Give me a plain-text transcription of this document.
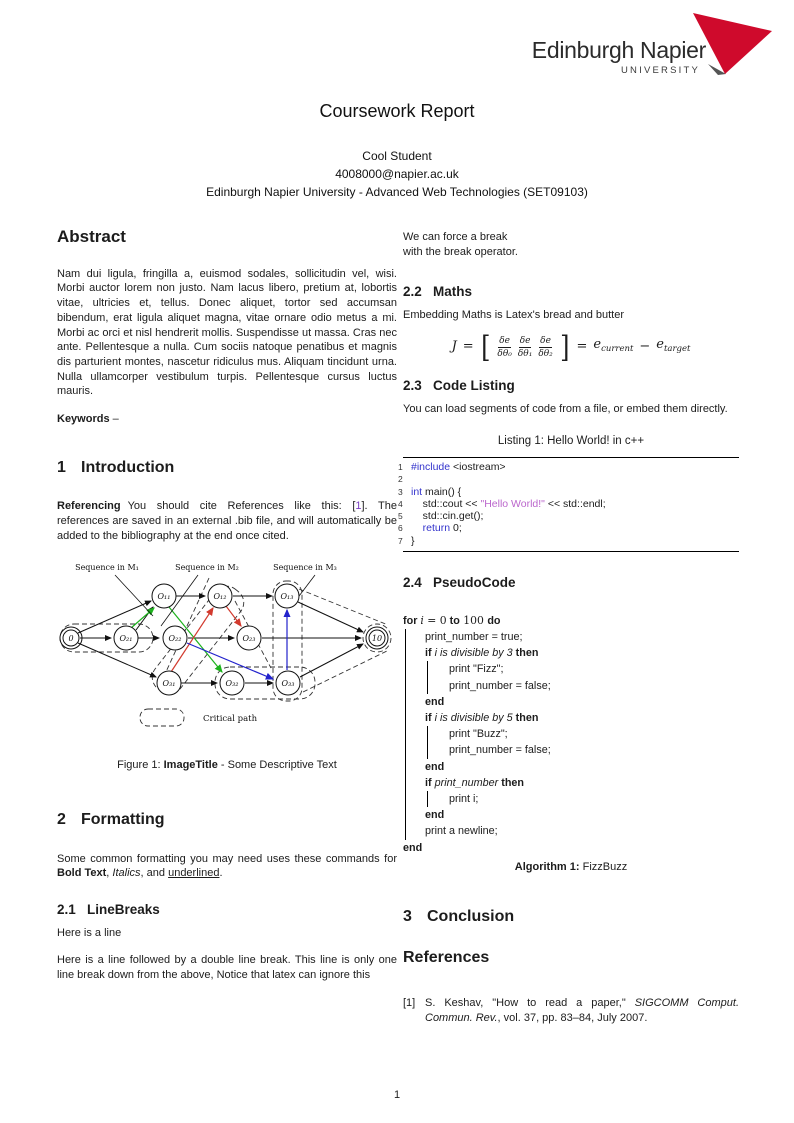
Edinburgh Napier
UNIVERSITY
Coursework Report
Cool Student
4008000@napier.ac.uk
Edinburgh Napier University - Advanced Web Technologies (SET09103)
Abstract

Nam dui ligula, fringilla a, euismod sodales, sollicitudin vel, wisi. Morbi auctor lorem non justo. Nam lacus libero, pretium at, lobortis vitae, ultricies et, tellus. Donec aliquet, tortor sed accumsan bibendum, erat ligula aliquet magna, vitae ornare odio metus a mi. Morbi ac orci et nisl hendrerit mollis. Suspendisse ut massa. Cras nec ante. Pellentesque a nulla. Cum sociis natoque penatibus et magnis dis parturient montes, nascetur ridiculus mus. Aliquam tincidunt urna. Nulla ullamcorper vestibulum turpis. Pellentesque cursus luctus mauris.

Keywords –

1 Introduction

Referencing You should cite References like this: [1]. The references are saved in an external .bib file, and will automatically be added to the bibliography at the end once cited.

0	O₂₁
O₁₁	O₁₂	O₁₃
O₂₂	O₂₃
O₃₁	O₃₂	O₃₃
10
Sequence in M₁	Sequence in M₂	Sequence in M₃
Critical path
Figure 1: ImageTitle - Some Descriptive Text
2 Formatting

Some common formatting you may need uses these commands for Bold Text, Italics, and underlined.

2.1 LineBreaks

Here is a line

Here is a line followed by a double line break. This line is only one line break down from the above, Notice that latex can ignore this

We can force a break

with the break operator.

2.2 Maths

Embedding Maths is Latex's bread and butter

J = [ $\frac{\delta e}{\text{δθ₀}} \frac{\delta e}{\text{δθ₁}} \frac{\delta e}{\text{δθ₂}}$ ] = $e_{current} - e_{target}$
2.3 Code Listing

You can load segments of code from a file, or embed them directly.

Listing 1: Hello World! in c++
1 #include <iostream>
2
3 int main() {
4    std::cout << "Hello World!" << std::endl;
5    std::cin.get();
6 return 0;
7 }
2.4 PseudoCode
for i = 0 to 100 do
print_number = true;
if i is divisible by 3 then
print "Fizz";
print_number = false;
end
if i is divisible by 5 then
print "Buzz";
print_number = false;
end
if print_number then
print i;
end
print a newline;
end
Algorithm 1: FizzBuzz
3 Conclusion
References
[1] S. Keshav, "How to read a paper," SIGCOMM Comput. Commun. Rev., vol. 37, pp. 83–84, July 2007.
1
